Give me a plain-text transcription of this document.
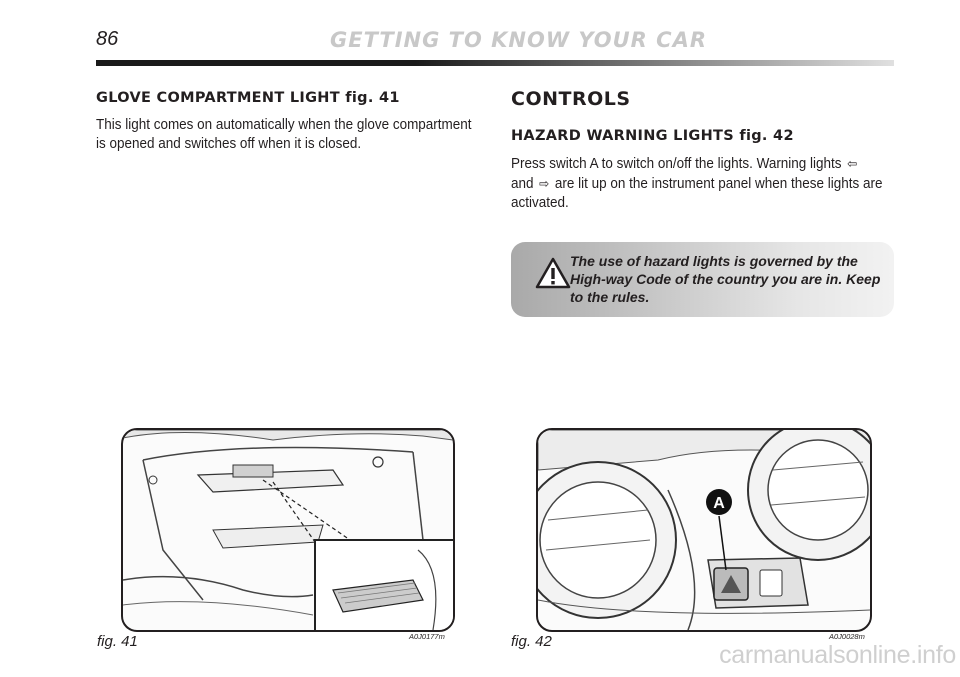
86	GETTING TO KNOW YOUR CAR
GLOVE COMPARTMENT LIGHT fig. 41

This light comes on automatically when the glove compartment is opened and switches off when it is closed.

CONTROLS
HAZARD WARNING LIGHTS fig. 42

Press switch A to switch on/off the lights. Warning lights ⇦
and ⇨ are lit up on the instrument panel when these lights are activated.

The use of hazard lights is governed by the High-way Code of the country you are in. Keep to the rules.

fig. 41	A0J0177m
A
fig. 42	A0J0028m
carmanualsonline.info
